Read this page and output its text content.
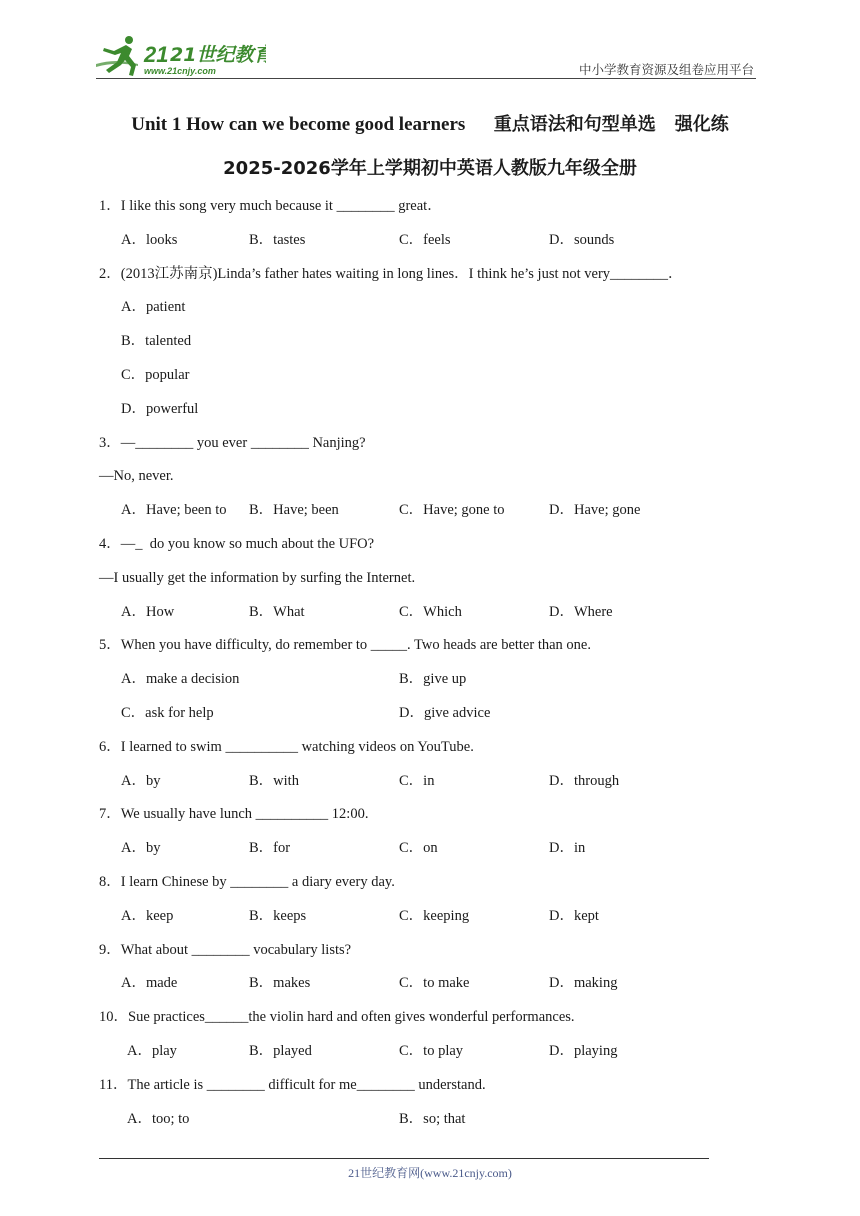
21 21世纪教育
www.21cnjy.com	中小学教育资源及组卷应用平台
Unit 1 How can we become good learners 重点语法和句型单选 强化练
2025-2026学年上学期初中英语人教版九年级全册
1．I like this song very much because it ________ great．
A．looks	B．tastes	C．feels	D．sounds
2．(2013江苏南京)Linda’s father hates waiting in long lines．I think he’s just not very________．
A．patient
B．talented
C．popular
D．powerful
3．—________ you ever ________ Nanjing?
—No, never.
A．Have; been to B．Have; been	C．Have; gone to	D．Have; gone
4．—_  do you know so much about the UFO?
—I usually get the information by surfing the Internet.
A．How	B．What	C．Which	D．Where
5．When you have difficulty, do remember to _____. Two heads are better than one.
A．make a decision	B．give up
C．ask for help	D．give advice
6．I learned to swim __________ watching videos on YouTube.
A．by	B．with	C．in	D．through
7．We usually have lunch __________ 12:00.
A．by	B．for	C．on	D．in
8．I learn Chinese by ________ a diary every day.
A．keep	B．keeps	C．keeping	D．kept
9．What about ________ vocabulary lists?
A．made	B．makes	C．to make	D．making
10．Sue practices______the violin hard and often gives wonderful performances.
A．play	B．played	C．to play	D．playing
11．The article is ________ difficult for me________ understand.
A．too; to	B．so; that
21世纪教育网(www.21cnjy.com)
